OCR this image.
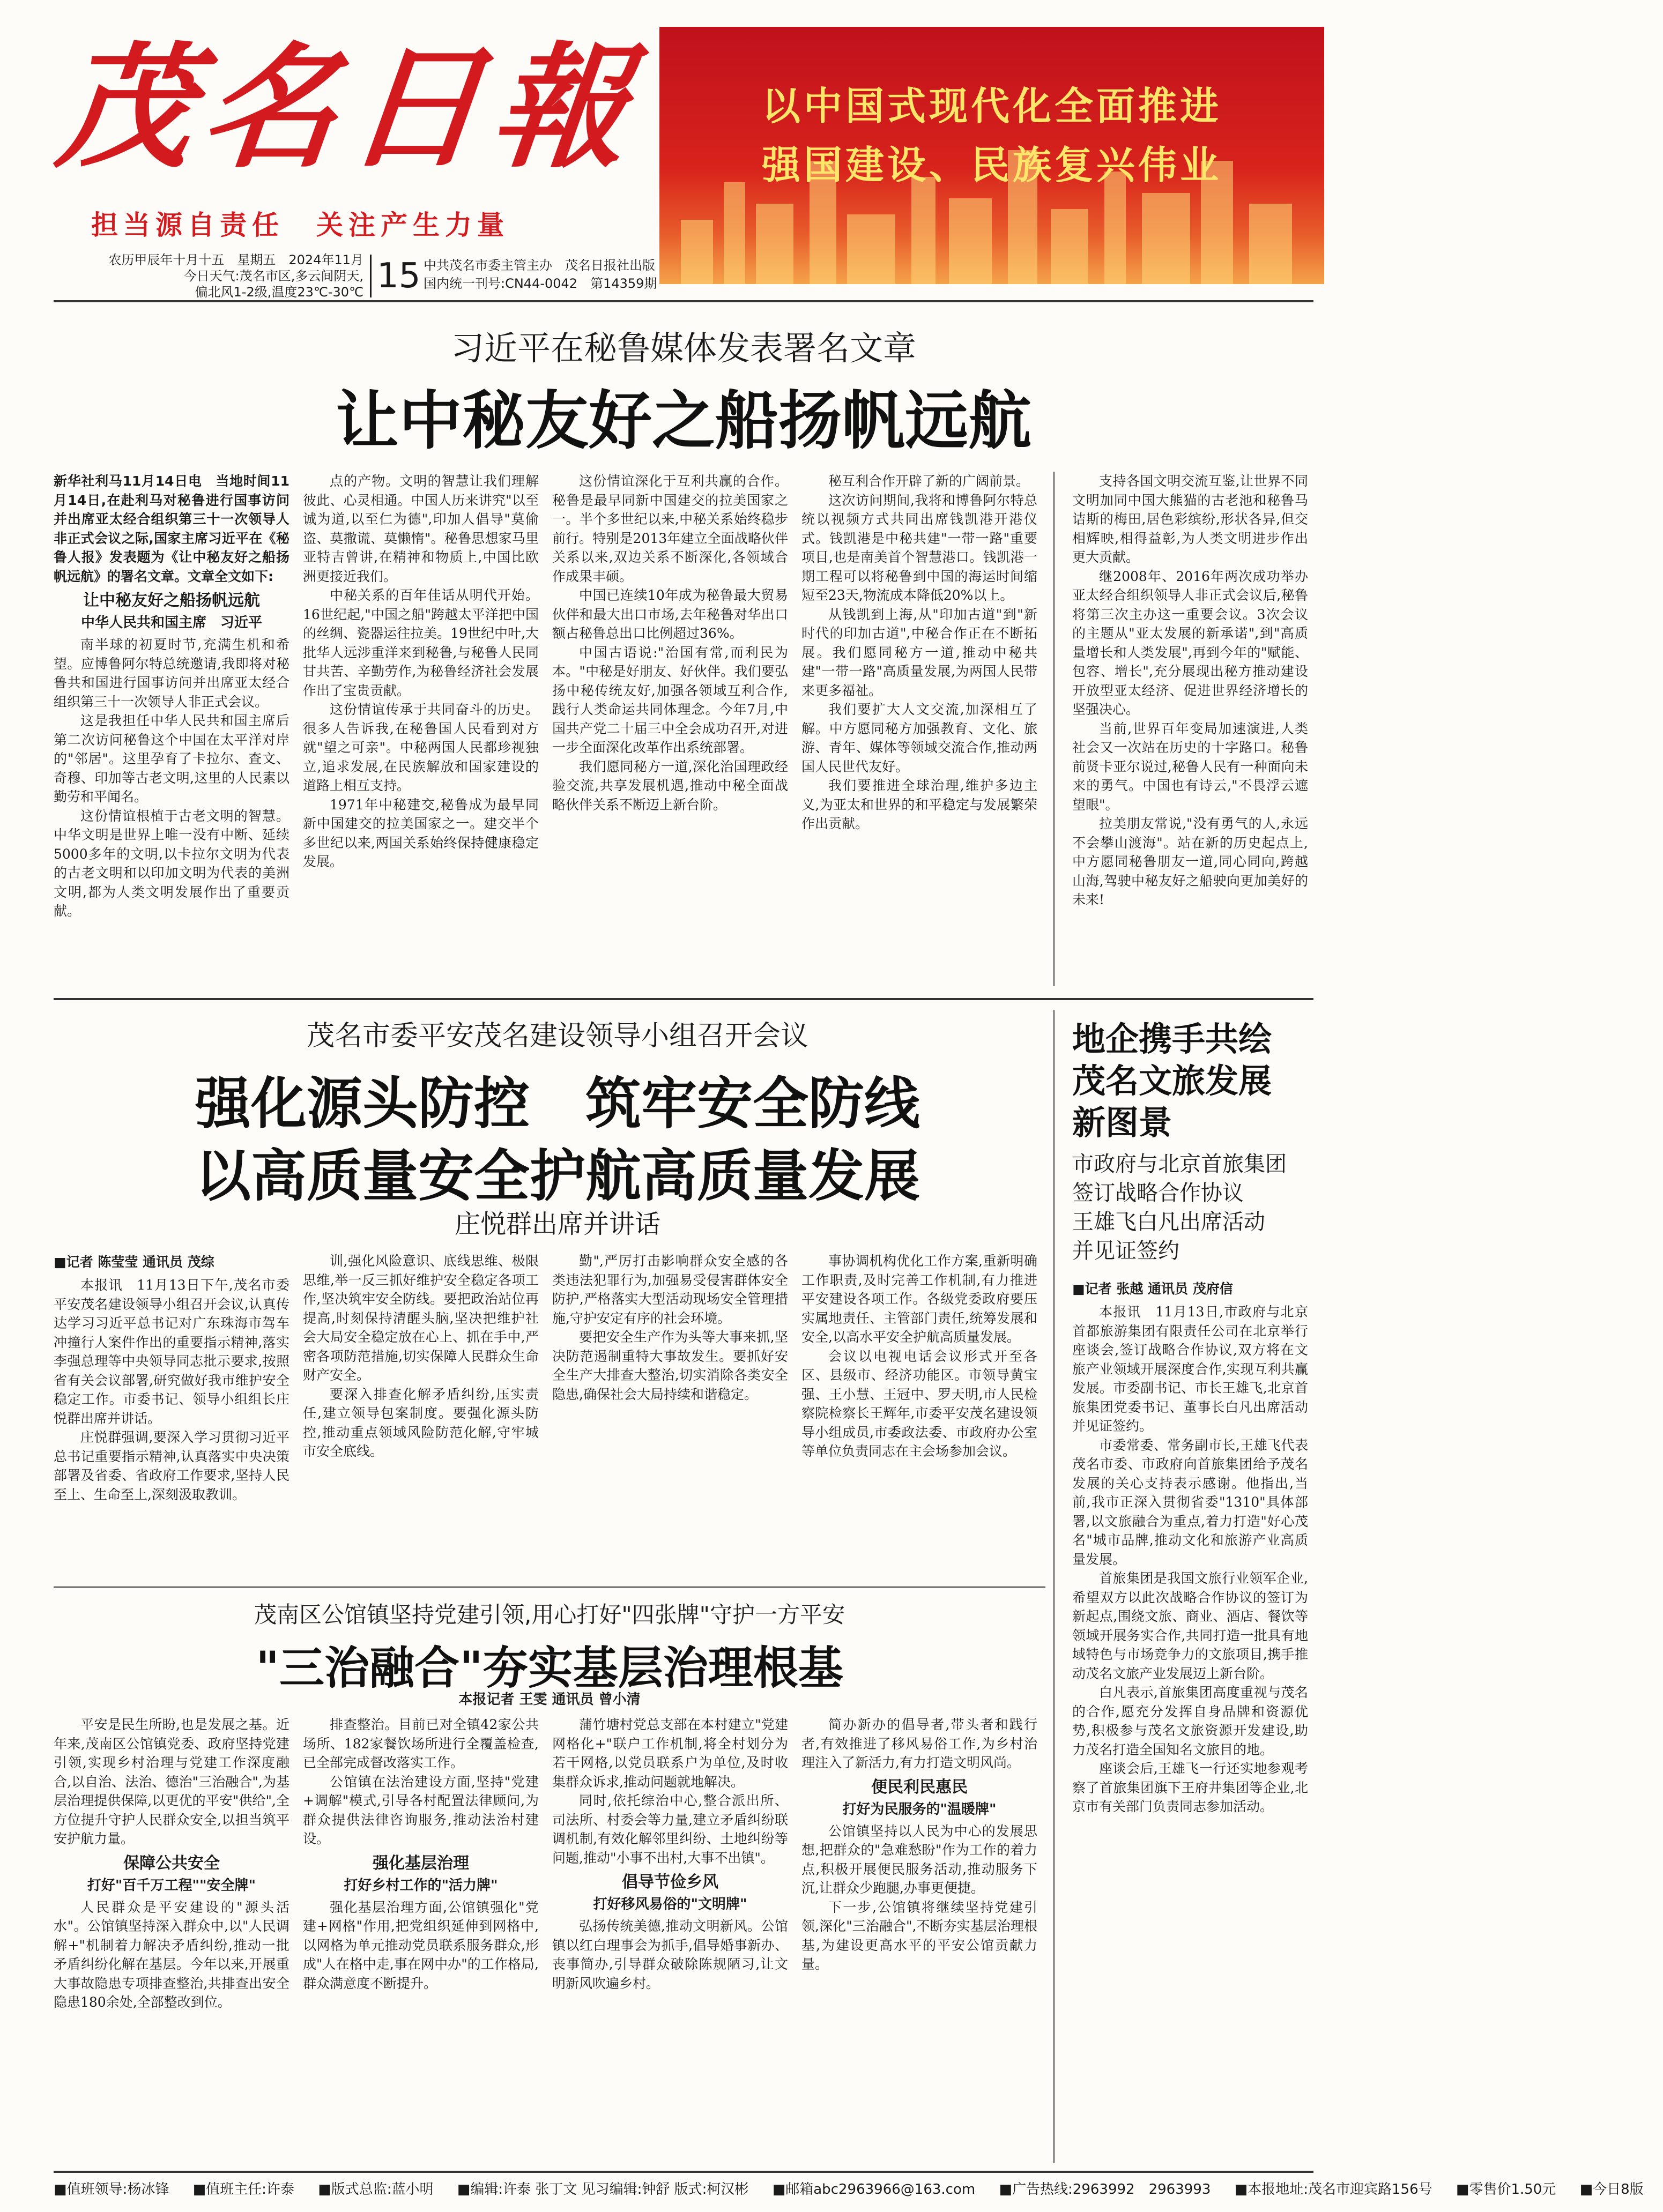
茂名日報
担当源自责任　关注产生力量
农历甲辰年十月十五　星期五　2024年11月
今日天气:茂名市区,多云间阴天,
偏北风1-2级,温度23℃-30℃ 15 中共茂名市委主管主办　茂名日报社出版
国内统一刊号:CN44-0042　第14359期
以中国式现代化全面推进
强国建设、民族复兴伟业
习近平在秘鲁媒体发表署名文章
让中秘友好之船扬帆远航

新华社利马11月14日电　当地时间11月14日,在赴利马对秘鲁进行国事访问并出席亚太经合组织第三十一次领导人非正式会议之际,国家主席习近平在《秘鲁人报》发表题为《让中秘友好之船扬帆远航》的署名文章。文章全文如下:

让中秘友好之船扬帆远航
中华人民共和国主席　习近平

南半球的初夏时节,充满生机和希望。应博鲁阿尔特总统邀请,我即将对秘鲁共和国进行国事访问并出席亚太经合组织第三十一次领导人非正式会议。

这是我担任中华人民共和国主席后第二次访问秘鲁这个中国在太平洋对岸的"邻居"。这里孕育了卡拉尔、查文、奇穆、印加等古老文明,这里的人民素以勤劳和平闻名。

这份情谊根植于古老文明的智慧。中华文明是世界上唯一没有中断、延续5000多年的文明,以卡拉尔文明为代表的古老文明和以印加文明为代表的美洲文明,都为人类文明发展作出了重要贡献。

点的产物。文明的智慧让我们理解彼此、心灵相通。中国人历来讲究"以至诚为道,以至仁为德",印加人倡导"莫偷盗、莫撒谎、莫懒惰"。秘鲁思想家马里亚特吉曾讲,在精神和物质上,中国比欧洲更接近我们。

中秘关系的百年佳话从明代开始。16世纪起,"中国之船"跨越太平洋把中国的丝绸、瓷器运往拉美。19世纪中叶,大批华人远涉重洋来到秘鲁,与秘鲁人民同甘共苦、辛勤劳作,为秘鲁经济社会发展作出了宝贵贡献。

这份情谊传承于共同奋斗的历史。很多人告诉我,在秘鲁国人民看到对方就"望之可亲"。中秘两国人民都珍视独立,追求发展,在民族解放和国家建设的道路上相互支持。

1971年中秘建交,秘鲁成为最早同新中国建交的拉美国家之一。建交半个多世纪以来,两国关系始终保持健康稳定发展。

这份情谊深化于互利共赢的合作。秘鲁是最早同新中国建交的拉美国家之一。半个多世纪以来,中秘关系始终稳步前行。特别是2013年建立全面战略伙伴关系以来,双边关系不断深化,各领域合作成果丰硕。

中国已连续10年成为秘鲁最大贸易伙伴和最大出口市场,去年秘鲁对华出口额占秘鲁总出口比例超过36%。

中国古语说:"治国有常,而利民为本。"中秘是好朋友、好伙伴。我们要弘扬中秘传统友好,加强各领域互利合作,践行人类命运共同体理念。今年7月,中国共产党二十届三中全会成功召开,对进一步全面深化改革作出系统部署。

我们愿同秘方一道,深化治国理政经验交流,共享发展机遇,推动中秘全面战略伙伴关系不断迈上新台阶。

秘互利合作开辟了新的广阔前景。

这次访问期间,我将和博鲁阿尔特总统以视频方式共同出席钱凯港开港仪式。钱凯港是中秘共建"一带一路"重要项目,也是南美首个智慧港口。钱凯港一期工程可以将秘鲁到中国的海运时间缩短至23天,物流成本降低20%以上。

从钱凯到上海,从"印加古道"到"新时代的印加古道",中秘合作正在不断拓展。我们愿同秘方一道,推动中秘共建"一带一路"高质量发展,为两国人民带来更多福祉。

我们要扩大人文交流,加深相互了解。中方愿同秘方加强教育、文化、旅游、青年、媒体等领域交流合作,推动两国人民世代友好。

我们要推进全球治理,维护多边主义,为亚太和世界的和平稳定与发展繁荣作出贡献。

支持各国文明交流互鉴,让世界不同文明加同中国大熊猫的古老池和秘鲁马诘斯的梅田,居色彩缤纷,形状各异,但交相辉映,相得益彰,为人类文明进步作出更大贡献。

继2008年、2016年两次成功举办亚太经合组织领导人非正式会议后,秘鲁将第三次主办这一重要会议。3次会议的主题从"亚太发展的新承诺",到"高质量增长和人类发展",再到今年的"赋能、包容、增长",充分展现出秘方推动建设开放型亚太经济、促进世界经济增长的坚强决心。

当前,世界百年变局加速演进,人类社会又一次站在历史的十字路口。秘鲁前贤卡亚尔说过,秘鲁人民有一种面向未来的勇气。中国也有诗云,"不畏浮云遮望眼"。

拉美朋友常说,"没有勇气的人,永远不会攀山渡海"。站在新的历史起点上,中方愿同秘鲁朋友一道,同心同向,跨越山海,驾驶中秘友好之船驶向更加美好的未来!

茂名市委平安茂名建设领导小组召开会议
强化源头防控　筑牢安全防线
以高质量安全护航高质量发展
庄悦群出席并讲话
■记者 陈莹莹 通讯员 茂综

本报讯　11月13日下午,茂名市委平安茂名建设领导小组召开会议,认真传达学习习近平总书记对广东珠海市驾车冲撞行人案件作出的重要指示精神,落实李强总理等中央领导同志批示要求,按照省有关会议部署,研究做好我市维护安全稳定工作。市委书记、领导小组组长庄悦群出席并讲话。

庄悦群强调,要深入学习贯彻习近平总书记重要指示精神,认真落实中央决策部署及省委、省政府工作要求,坚持人民至上、生命至上,深刻汲取教训。

训,强化风险意识、底线思维、极限思维,举一反三抓好维护安全稳定各项工作,坚决筑牢安全防线。要把政治站位再提高,时刻保持清醒头脑,坚决把维护社会大局安全稳定放在心上、抓在手中,严密各项防范措施,切实保障人民群众生命财产安全。

要深入排查化解矛盾纠纷,压实责任,建立领导包案制度。要强化源头防控,推动重点领域风险防范化解,守牢城市安全底线。

勤",严厉打击影响群众安全感的各类违法犯罪行为,加强易受侵害群体安全防护,严格落实大型活动现场安全管理措施,守护安定有序的社会环境。

要把安全生产作为头等大事来抓,坚决防范遏制重特大事故发生。要抓好安全生产大排查大整治,切实消除各类安全隐患,确保社会大局持续和谐稳定。

事协调机构优化工作方案,重新明确工作职责,及时完善工作机制,有力推进平安建设各项工作。各级党委政府要压实属地责任、主管部门责任,统筹发展和安全,以高水平安全护航高质量发展。

会议以电视电话会议形式开至各区、县级市、经济功能区。市领导黄宝强、王小慧、王冠中、罗天明,市人民检察院检察长王辉年,市委平安茂名建设领导小组成员,市委政法委、市政府办公室等单位负责同志在主会场参加会议。

地企携手共绘
茂名文旅发展
新图景
市政府与北京首旅集团
签订战略合作协议
王雄飞白凡出席活动
并见证签约
■记者 张越 通讯员 茂府信

本报讯　11月13日,市政府与北京首都旅游集团有限责任公司在北京举行座谈会,签订战略合作协议,双方将在文旅产业领域开展深度合作,实现互利共赢发展。市委副书记、市长王雄飞,北京首旅集团党委书记、董事长白凡出席活动并见证签约。

市委常委、常务副市长,王雄飞代表茂名市委、市政府向首旅集团给予茂名发展的关心支持表示感谢。他指出,当前,我市正深入贯彻省委"1310"具体部署,以文旅融合为重点,着力打造"好心茂名"城市品牌,推动文化和旅游产业高质量发展。

首旅集团是我国文旅行业领军企业,希望双方以此次战略合作协议的签订为新起点,围绕文旅、商业、酒店、餐饮等领域开展务实合作,共同打造一批具有地域特色与市场竞争力的文旅项目,携手推动茂名文旅产业发展迈上新台阶。

白凡表示,首旅集团高度重视与茂名的合作,愿充分发挥自身品牌和资源优势,积极参与茂名文旅资源开发建设,助力茂名打造全国知名文旅目的地。

座谈会后,王雄飞一行还实地参观考察了首旅集团旗下王府井集团等企业,北京市有关部门负责同志参加活动。

茂南区公馆镇坚持党建引领,用心打好"四张牌"守护一方平安
"三治融合"夯实基层治理根基
本报记者 王雯 通讯员 曾小清

平安是民生所盼,也是发展之基。近年来,茂南区公馆镇党委、政府坚持党建引领,实现乡村治理与党建工作深度融合,以自治、法治、德治"三治融合",为基层治理提供保障,以更优的平安"供给",全方位提升守护人民群众安全,以担当筑平安护航力量。

保障公共安全
打好"百千万工程""安全牌"

人民群众是平安建设的"源头活水"。公馆镇坚持深入群众中,以"人民调解+"机制着力解决矛盾纠纷,推动一批矛盾纠纷化解在基层。今年以来,开展重大事故隐患专项排查整治,共排查出安全隐患180余处,全部整改到位。

排查整治。目前已对全镇42家公共场所、182家餐饮场所进行全覆盖检查,已全部完成督改落实工作。

公馆镇在法治建设方面,坚持"党建+调解"模式,引导各村配置法律顾问,为群众提供法律咨询服务,推动法治村建设。

强化基层治理
打好乡村工作的"活力牌"

强化基层治理方面,公馆镇强化"党建+网格"作用,把党组织延伸到网格中,以网格为单元推动党员联系服务群众,形成"人在格中走,事在网中办"的工作格局,群众满意度不断提升。

蒲竹塘村党总支部在本村建立"党建网格化+"联户工作机制,将全村划分为若干网格,以党员联系户为单位,及时收集群众诉求,推动问题就地解决。

同时,依托综治中心,整合派出所、司法所、村委会等力量,建立矛盾纠纷联调机制,有效化解邻里纠纷、土地纠纷等问题,推动"小事不出村,大事不出镇"。

倡导节俭乡风
打好移风易俗的"文明牌"

弘扬传统美德,推动文明新风。公馆镇以红白理事会为抓手,倡导婚事新办、丧事简办,引导群众破除陈规陋习,让文明新风吹遍乡村。

简办新办的倡导者,带头者和践行者,有效推进了移风易俗工作,为乡村治理注入了新活力,有力打造文明风尚。

便民利民惠民
打好为民服务的"温暖牌"

公馆镇坚持以人民为中心的发展思想,把群众的"急难愁盼"作为工作的着力点,积极开展便民服务活动,推动服务下沉,让群众少跑腿,办事更便捷。

下一步,公馆镇将继续坚持党建引领,深化"三治融合",不断夯实基层治理根基,为建设更高水平的平安公馆贡献力量。

■值班领导:杨冰锋 ■值班主任:许泰 ■版式总监:蓝小明 ■编辑:许泰 张丁文 见习编辑:钟舒 版式:柯汉彬 ■邮箱abc2963966@163.com ■广告热线:2963992　2963993 ■本报地址:茂名市迎宾路156号 ■零售价1.50元 ■今日8版
